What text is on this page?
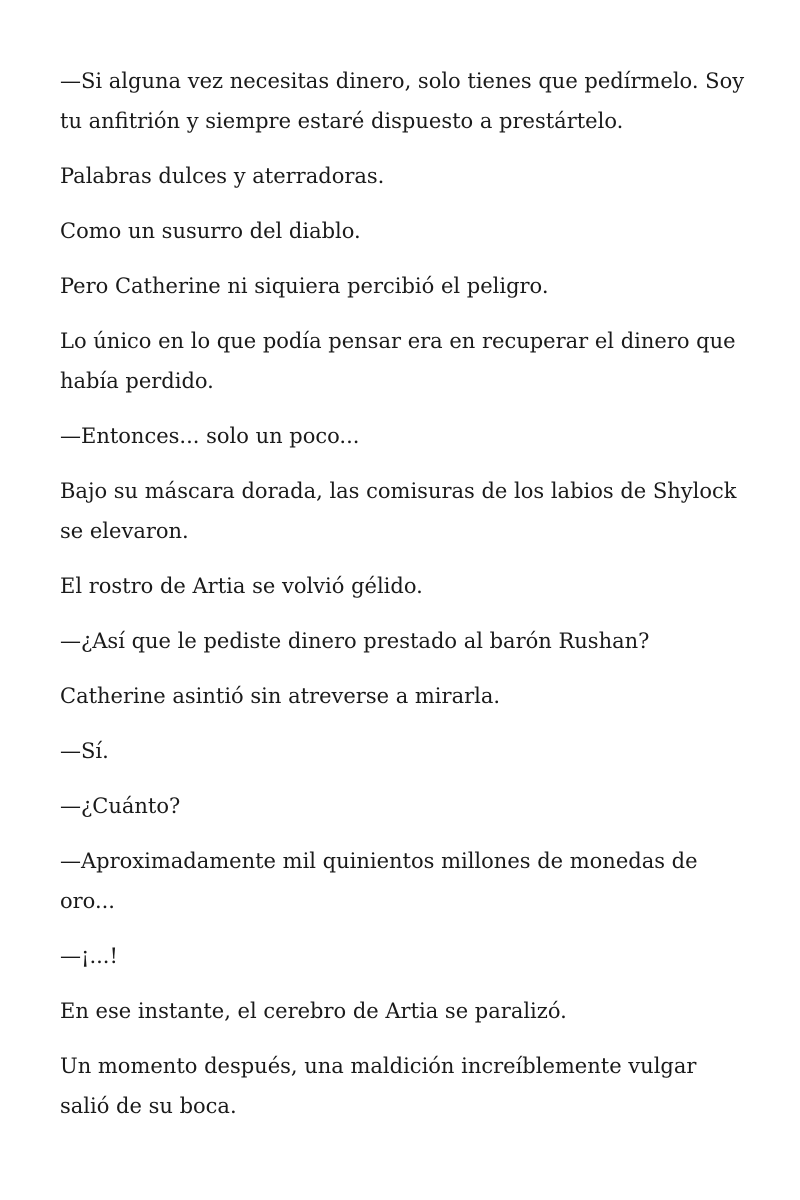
—Si alguna vez necesitas dinero, solo tienes que pedírmelo. Soy tu anfitrión y siempre estaré dispuesto a prestártelo.

Palabras dulces y aterradoras.

Como un susurro del diablo.

Pero Catherine ni siquiera percibió el peligro.

Lo único en lo que podía pensar era en recuperar el dinero que había perdido.

—Entonces... solo un poco...

Bajo su máscara dorada, las comisuras de los labios de Shylock se elevaron.

El rostro de Artia se volvió gélido.

—¿Así que le pediste dinero prestado al barón Rushan?

Catherine asintió sin atreverse a mirarla.

—Sí.

—¿Cuánto?

—Aproximadamente mil quinientos millones de monedas de oro...

—¡...!

En ese instante, el cerebro de Artia se paralizó.

Un momento después, una maldición increíblemente vulgar salió de su boca.
